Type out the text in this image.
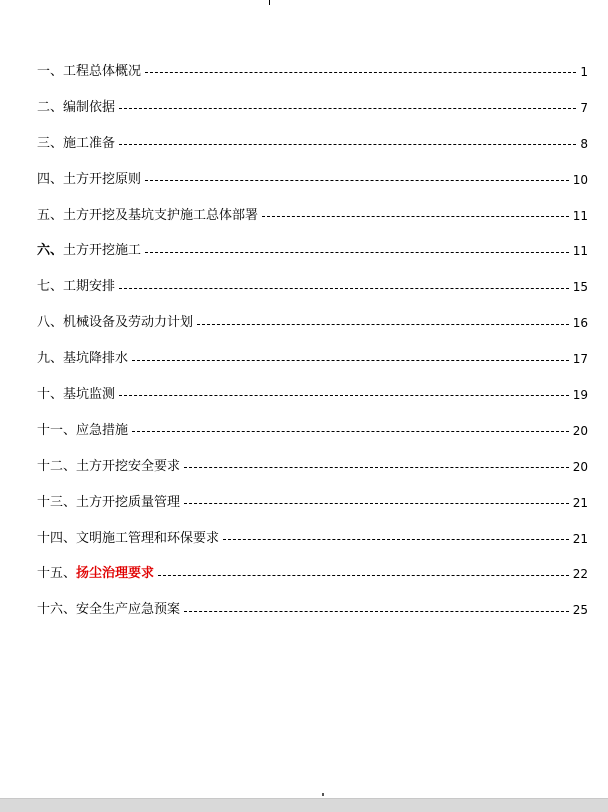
一、 工程总体概况	1
二、 编制依据	7
三、 施工准备	8
四、 土方开挖原则	10
五、 土方开挖及基坑支护施工总体部署	11
六、 土方开挖施工	11
七、 工期安排	15
八、 机械设备及劳动力计划	16
九、 基坑降排水	17
十、 基坑监测	19
十一、 应急措施	20
十二、 土方开挖安全要求	20
十三、 土方开挖质量管理	21
十四、 文明施工管理和环保要求	21
十五、 扬尘治理要求	22
十六、 安全生产应急预案	25
